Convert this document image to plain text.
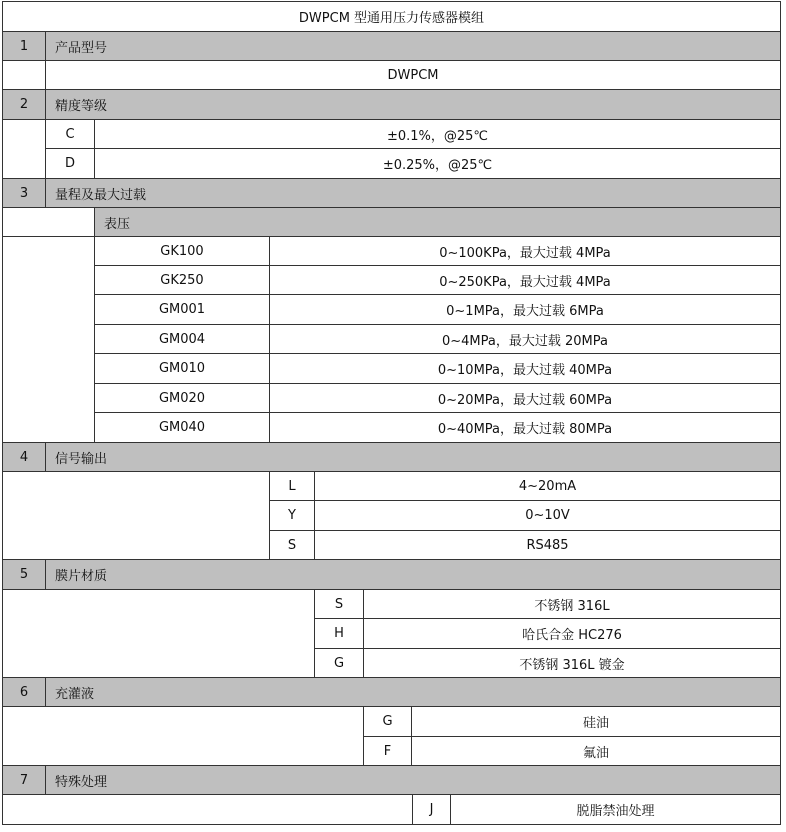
DWPCM 型通用压力传感器模组
1	产品型号
DWPCM
2	精度等级
C	±0.1%，@25℃
D	±0.25%，@25℃
3	量程及最大过载
表压
GK100	0~100KPa，最大过载 4MPa
GK250	0~250KPa，最大过载 4MPa
GM001	0~1MPa，最大过载 6MPa
GM004	0~4MPa，最大过载 20MPa
GM010	0~10MPa，最大过载 40MPa
GM020	0~20MPa，最大过载 60MPa
GM040	0~40MPa，最大过载 80MPa
4	信号输出
L	4~20mA
Y	0~10V
S	RS485
5	膜片材质
S	不锈钢 316L
H	哈氏合金 HC276
G	不锈钢 316L 镀金
6	充灌液
G	硅油
F	氟油
7	特殊处理
J	脱脂禁油处理
